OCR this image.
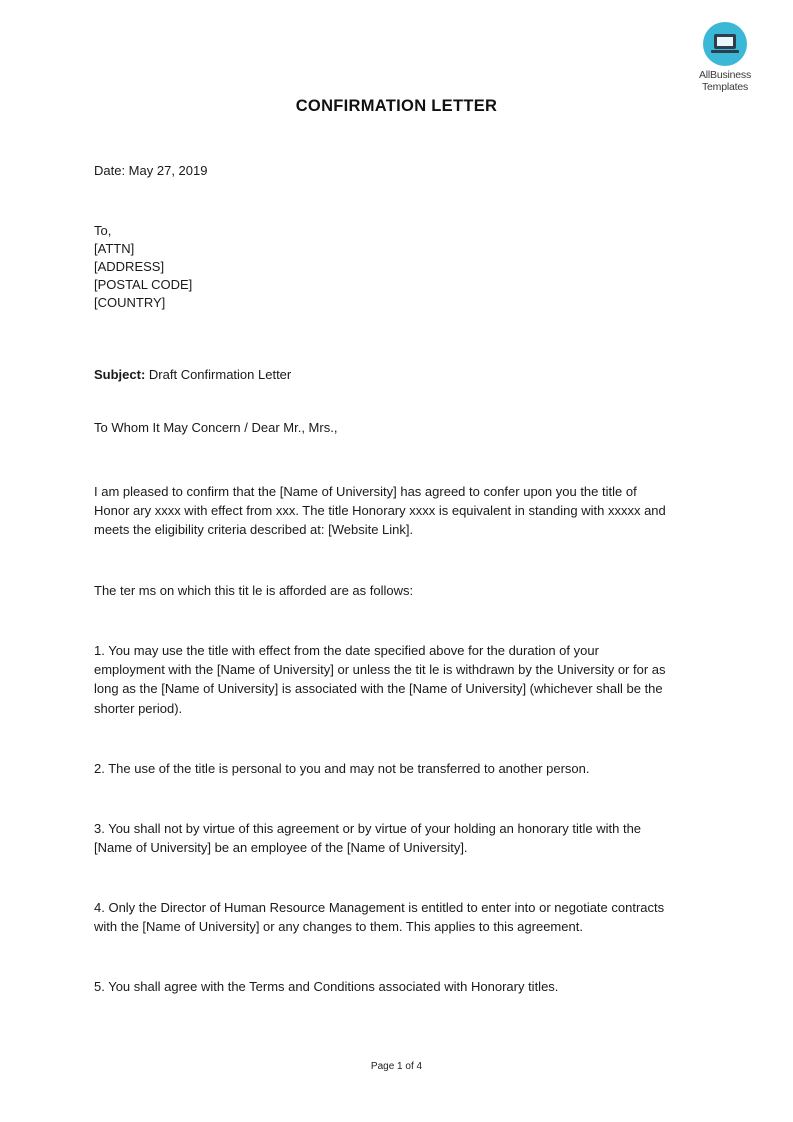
AllBusiness
Templates
CONFIRMATION LETTER
Date: May 27, 2019
To,
[ATTN]
[ADDRESS]
[POSTAL CODE]
[COUNTRY]
Subject: Draft Confirmation Letter
To Whom It May Concern / Dear Mr., Mrs.,
I am pleased to confirm that the [Name of University] has agreed to confer upon you the title of
Honor ary xxxx with effect from xxx. The title Honorary xxxx is equivalent in standing with xxxxx and
meets the eligibility criteria described at: [Website Link].
The ter ms on which this tit le is afforded are as follows:
1. You may use the title with effect from the date specified above for the duration of your
employment with the [Name of University] or unless the tit le is withdrawn by the University or for as
long as the [Name of University] is associated with the [Name of University] (whichever shall be the
shorter period).
2. The use of the title is personal to you and may not be transferred to another person.
3. You shall not by virtue of this agreement or by virtue of your holding an honorary title with the
[Name of University] be an employee of the [Name of University].
4. Only the Director of Human Resource Management is entitled to enter into or negotiate contracts
with the [Name of University] or any changes to them. This applies to this agreement.
5. You shall agree with the Terms and Conditions associated with Honorary titles.
Page 1 of 4
